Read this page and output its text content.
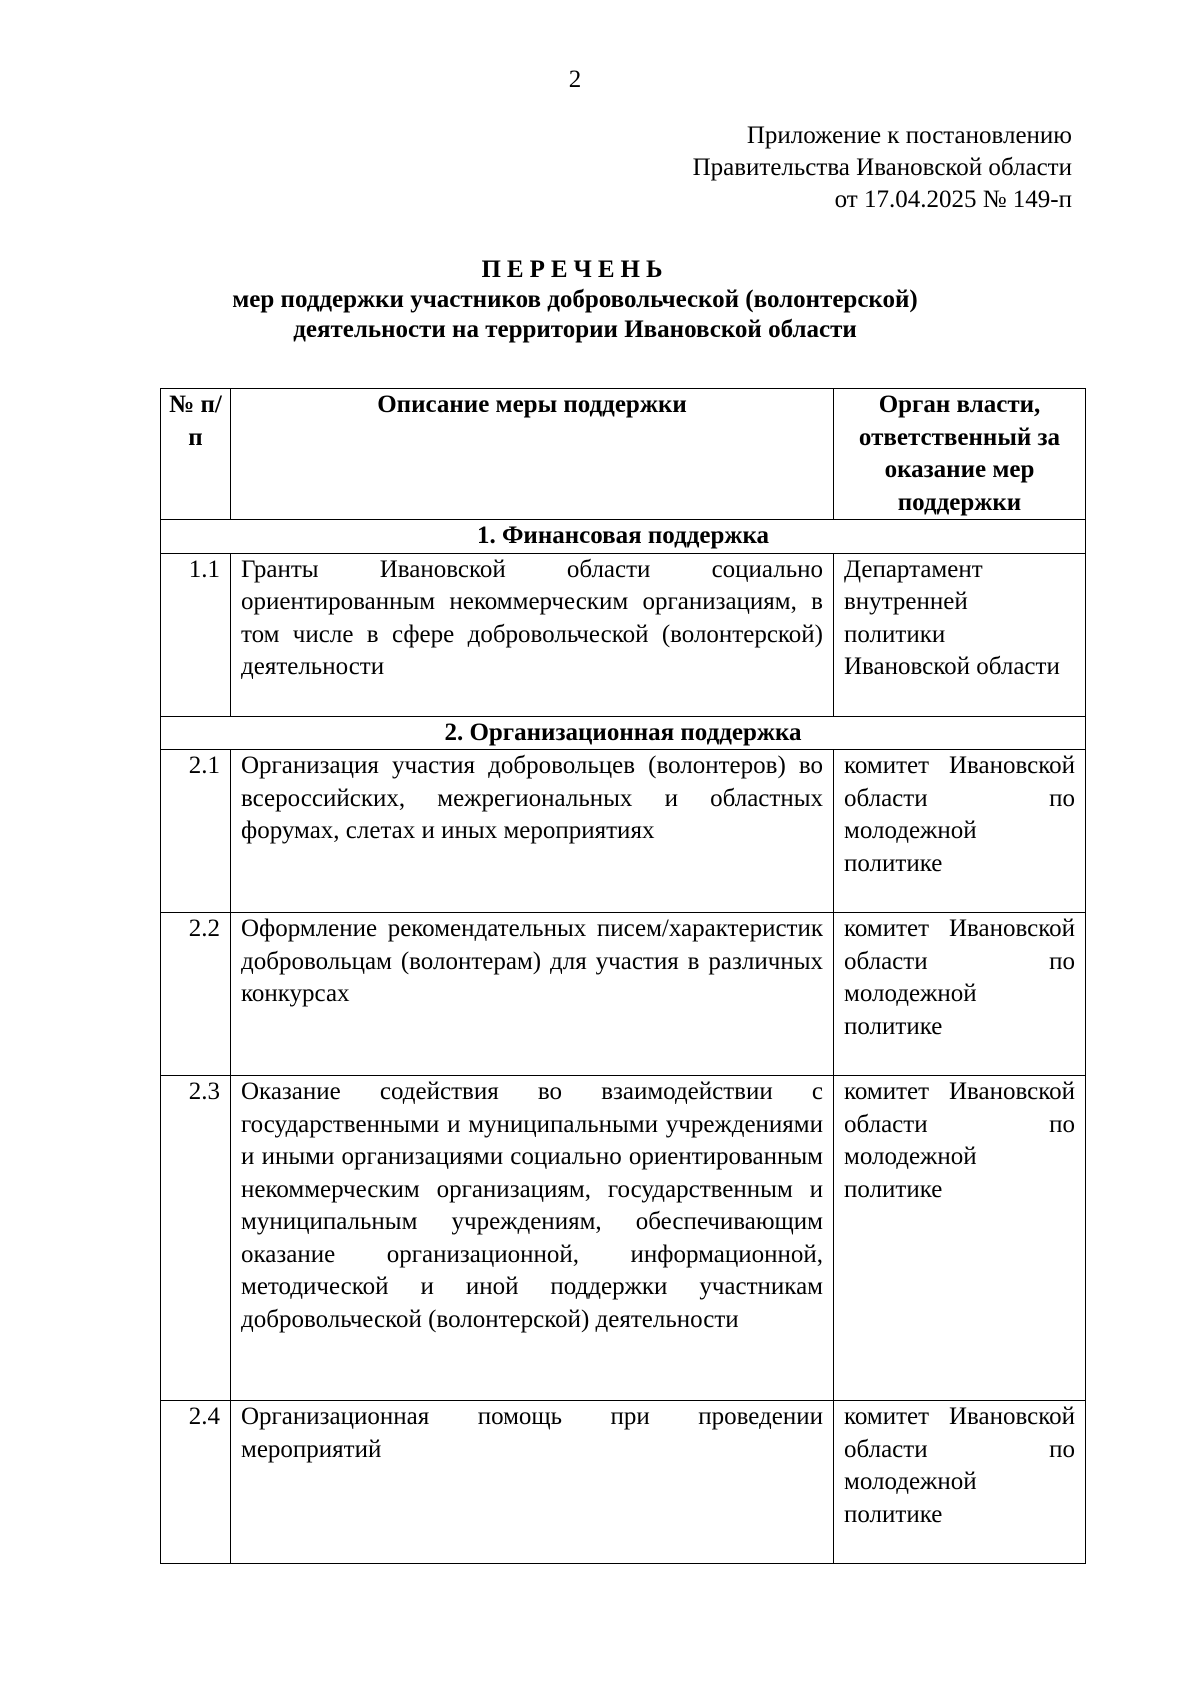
2
Приложение к постановлению
Правительства Ивановской области
от 17.04.2025 № 149-п
ПЕРЕЧЕНЬ
мер поддержки участников добровольческой (волонтерской)
деятельности на территории Ивановской области
№ п/п	Описание меры поддержки	Орган власти, ответственный за оказание мер поддержки
1. Финансовая поддержка		
1.1	Гранты Ивановской области социально ориентированным некоммерческим организациям, в том числе в сфере добровольческой (волонтерской) деятельности	Департамент внутренней политики Ивановской области
2. Организационная поддержка		
2.1	Организация участия добровольцев (волонтеров) во всероссийских, межрегиональных и областных форумах, слетах и иных мероприятиях	комитет Ивановской области по молодежной политике
2.2	Оформление рекомендательных писем/характеристик добровольцам (волонтерам) для участия в различных конкурсах	комитет Ивановской области по молодежной политике
2.3	Оказание содействия во взаимодействии с государственными и муниципальными учреждениями и иными организациями социально ориентированным некоммерческим организациям, государственным и муниципальным учреждениям, обеспечивающим оказание организационной, информационной, методической и иной поддержки участникам добровольческой (волонтерской) деятельности	комитет Ивановской области по молодежной политике
2.4	Организационная помощь при проведении мероприятий	комитет Ивановской области по молодежной политике
